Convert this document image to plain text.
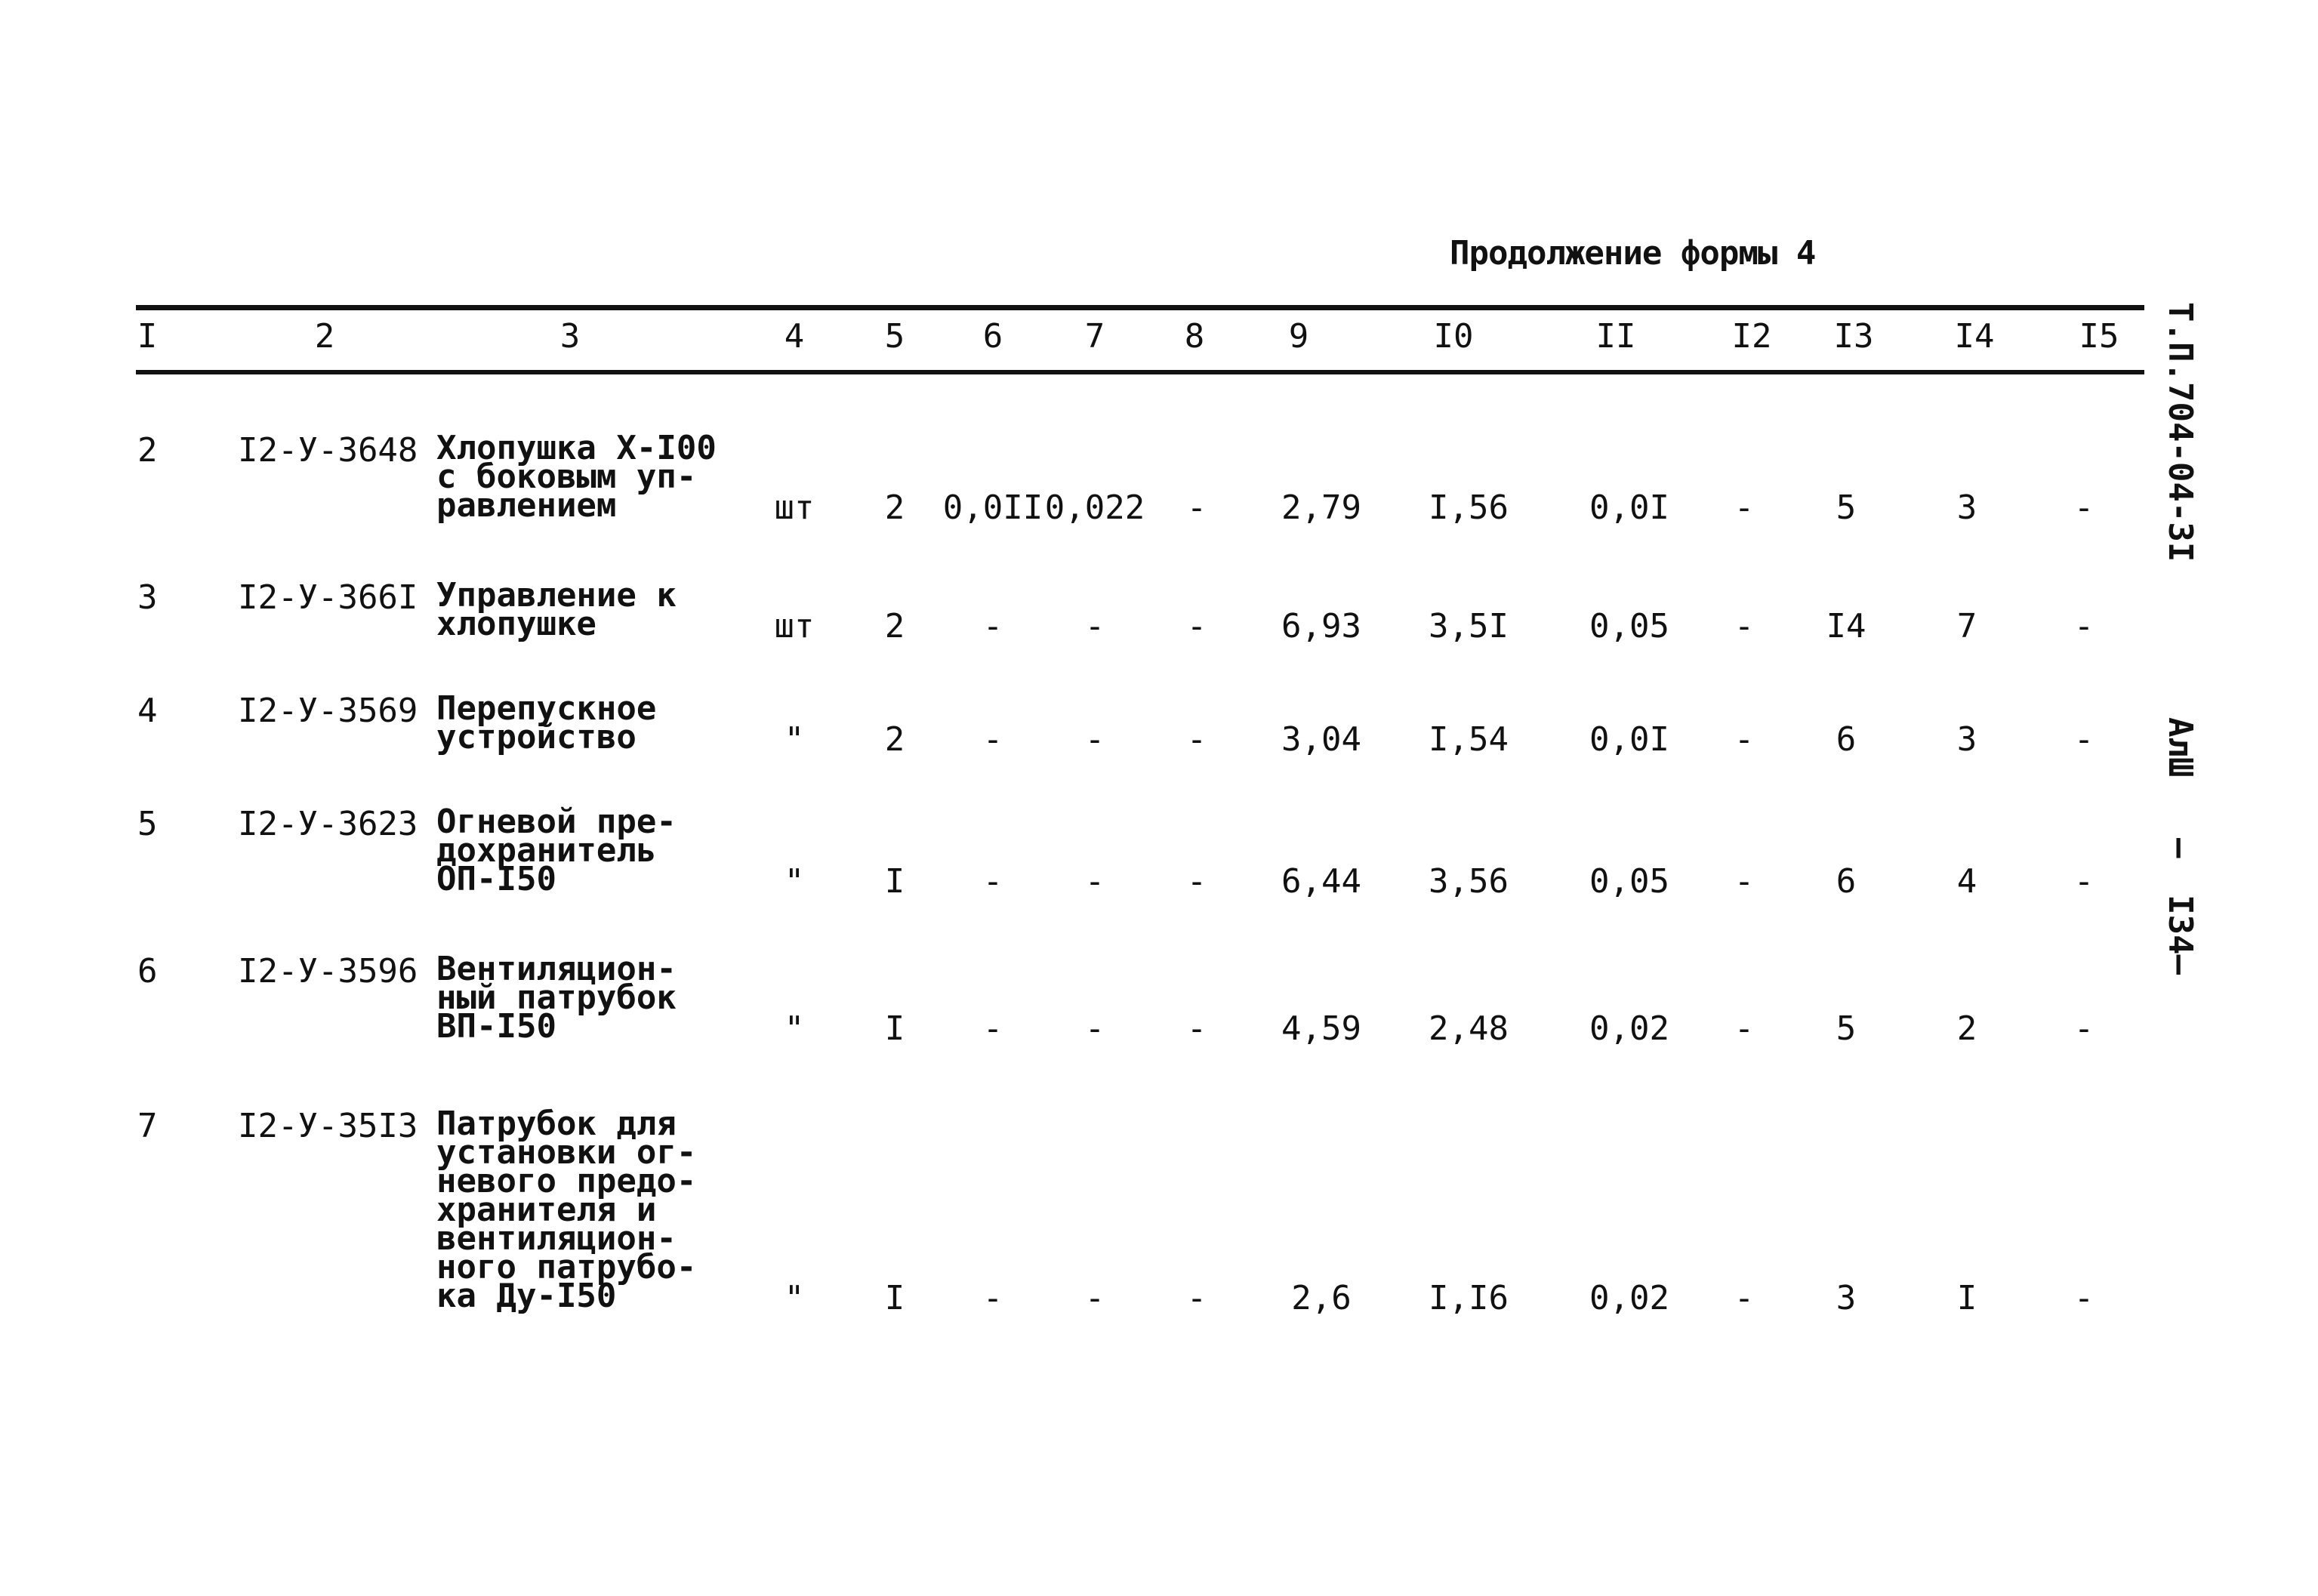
Продолжение формы 4
I	2	3	4 5 6 7 8	9	I0	II	I2 I3 I4	I5
2 I2-У-3648 Хлопушка Х-I00
с боковым уп-
равлением	шт 2 0,0II 0,022 - 2,79 I,56 0,0I - 5	3	-
3 I2-У-366I Управление к
хлопушке	шт 2 - - - 6,93 3,5I 0,05 - I4	7	-
4 I2-У-3569 Перепускное
устройство	" 2 - - - 3,04 I,54 0,0I - 6	3	-
5 I2-У-3623 Огневой пре-
дохранитель
ОП-I50	" I - - - 6,44 3,56 0,05 - 6	4	-
6 I2-У-3596 Вентиляцион-
ный патрубок
ВП-I50	" I - - - 4,59 2,48 0,02 - 5	2	-
7 I2-У-35I3 Патрубок для
установки ог-
невого предо-
хранителя и
вентиляцион-
ного патрубо-
ка Ду-I50	" I - - -	2,6 I,I6 0,02 - 3	I	-
Т.П.704-04-3I
АлШ
—
I34—
